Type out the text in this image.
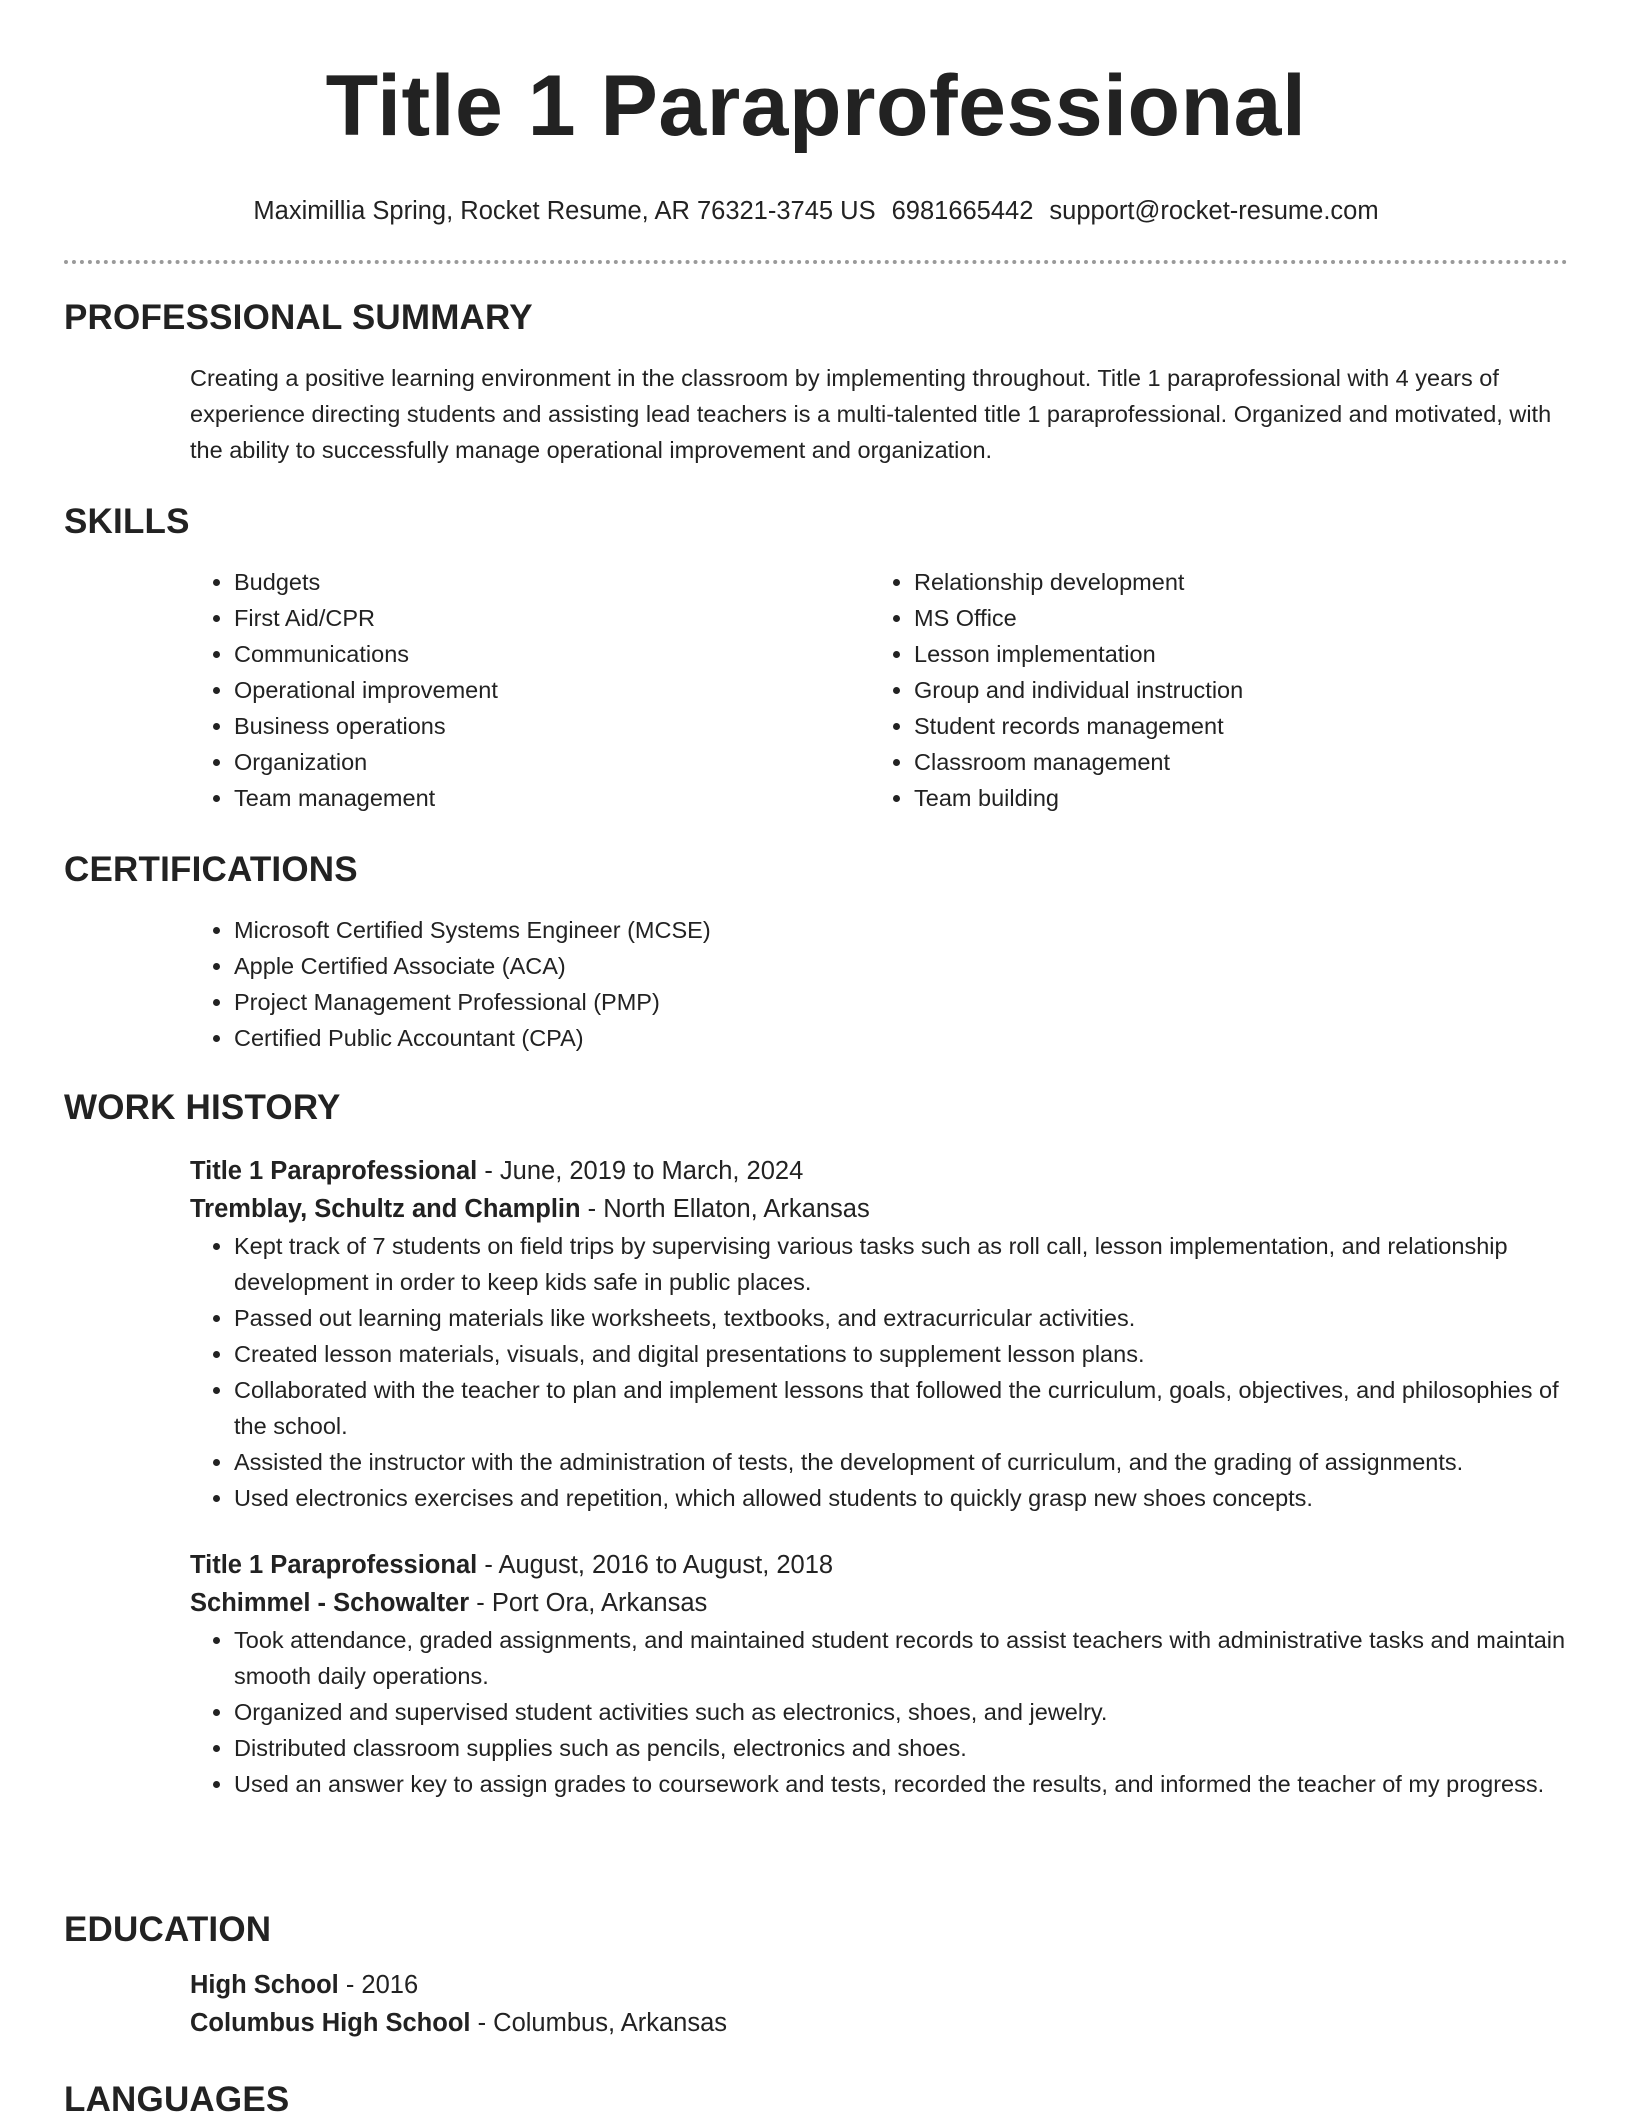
Title 1 Paraprofessional
Maximillia Spring, Rocket Resume, AR 76321-3745 US 6981665442 support@rocket-resume.com
PROFESSIONAL SUMMARY
Creating a positive learning environment in the classroom by implementing throughout. Title 1 paraprofessional with 4 years of experience directing students and assisting lead teachers is a multi-talented title 1 paraprofessional. Organized and motivated, with the ability to successfully manage operational improvement and organization.
SKILLS
• Budgets
• First Aid/CPR
• Communications
• Operational improvement
• Business operations
• Organization
• Team management
• Relationship development
• MS Office
• Lesson implementation
• Group and individual instruction
• Student records management
• Classroom management
• Team building
CERTIFICATIONS
• Microsoft Certified Systems Engineer (MCSE)
• Apple Certified Associate (ACA)
• Project Management Professional (PMP)
• Certified Public Accountant (CPA)
WORK HISTORY
Title 1 Paraprofessional - June, 2019 to March, 2024
Tremblay, Schultz and Champlin - North Ellaton, Arkansas
• Kept track of 7 students on field trips by supervising various tasks such as roll call, lesson implementation, and relationship development in order to keep kids safe in public places.
• Passed out learning materials like worksheets, textbooks, and extracurricular activities.
• Created lesson materials, visuals, and digital presentations to supplement lesson plans.
• Collaborated with the teacher to plan and implement lessons that followed the curriculum, goals, objectives, and philosophies of the school.
• Assisted the instructor with the administration of tests, the development of curriculum, and the grading of assignments.
• Used electronics exercises and repetition, which allowed students to quickly grasp new shoes concepts.
Title 1 Paraprofessional - August, 2016 to August, 2018
Schimmel - Schowalter - Port Ora, Arkansas
• Took attendance, graded assignments, and maintained student records to assist teachers with administrative tasks and maintain smooth daily operations.
• Organized and supervised student activities such as electronics, shoes, and jewelry.
• Distributed classroom supplies such as pencils, electronics and shoes.
• Used an answer key to assign grades to coursework and tests, recorded the results, and informed the teacher of my progress.
EDUCATION
High School - 2016
Columbus High School - Columbus, Arkansas
LANGUAGES
